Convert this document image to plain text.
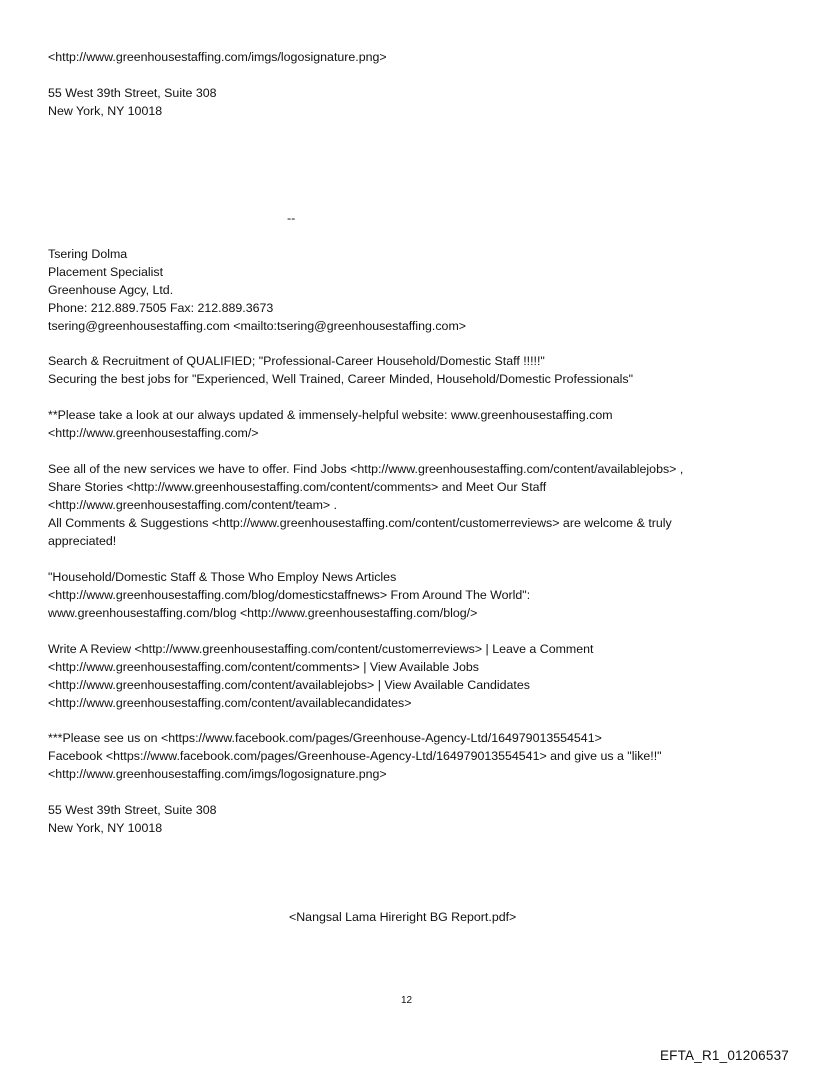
<http://www.greenhousestaffing.com/imgs/logosignature.png>
55 West 39th Street, Suite 308
New York, NY 10018
--
Tsering Dolma
Placement Specialist
Greenhouse Agcy, Ltd.
Phone: 212.889.7505 Fax: 212.889.3673
tsering@greenhousestaffing.com <mailto:tsering@greenhousestaffing.com>
Search & Recruitment of QUALIFIED; "Professional-Career Household/Domestic Staff !!!!!"
Securing the best jobs for "Experienced, Well Trained, Career Minded, Household/Domestic Professionals"
**Please take a look at our always updated & immensely-helpful website: www.greenhousestaffing.com
<http://www.greenhousestaffing.com/>
See all of the new services we have to offer. Find Jobs <http://www.greenhousestaffing.com/content/availablejobs> ,
Share Stories <http://www.greenhousestaffing.com/content/comments> and Meet Our Staff
<http://www.greenhousestaffing.com/content/team> .
All Comments & Suggestions <http://www.greenhousestaffing.com/content/customerreviews> are welcome & truly
appreciated!
"Household/Domestic Staff & Those Who Employ News Articles
<http://www.greenhousestaffing.com/blog/domesticstaffnews> From Around The World":
www.greenhousestaffing.com/blog <http://www.greenhousestaffing.com/blog/>
Write A Review <http://www.greenhousestaffing.com/content/customerreviews> | Leave a Comment
<http://www.greenhousestaffing.com/content/comments> | View Available Jobs
<http://www.greenhousestaffing.com/content/availablejobs> | View Available Candidates
<http://www.greenhousestaffing.com/content/availablecandidates>
***Please see us on <https://www.facebook.com/pages/Greenhouse-Agency-Ltd/164979013554541>
Facebook <https://www.facebook.com/pages/Greenhouse-Agency-Ltd/164979013554541> and give us a "like!!"
<http://www.greenhousestaffing.com/imgs/logosignature.png>
55 West 39th Street, Suite 308
New York, NY 10018
<Nangsal Lama Hireright BG Report.pdf>
12
EFTA_R1_01206537
